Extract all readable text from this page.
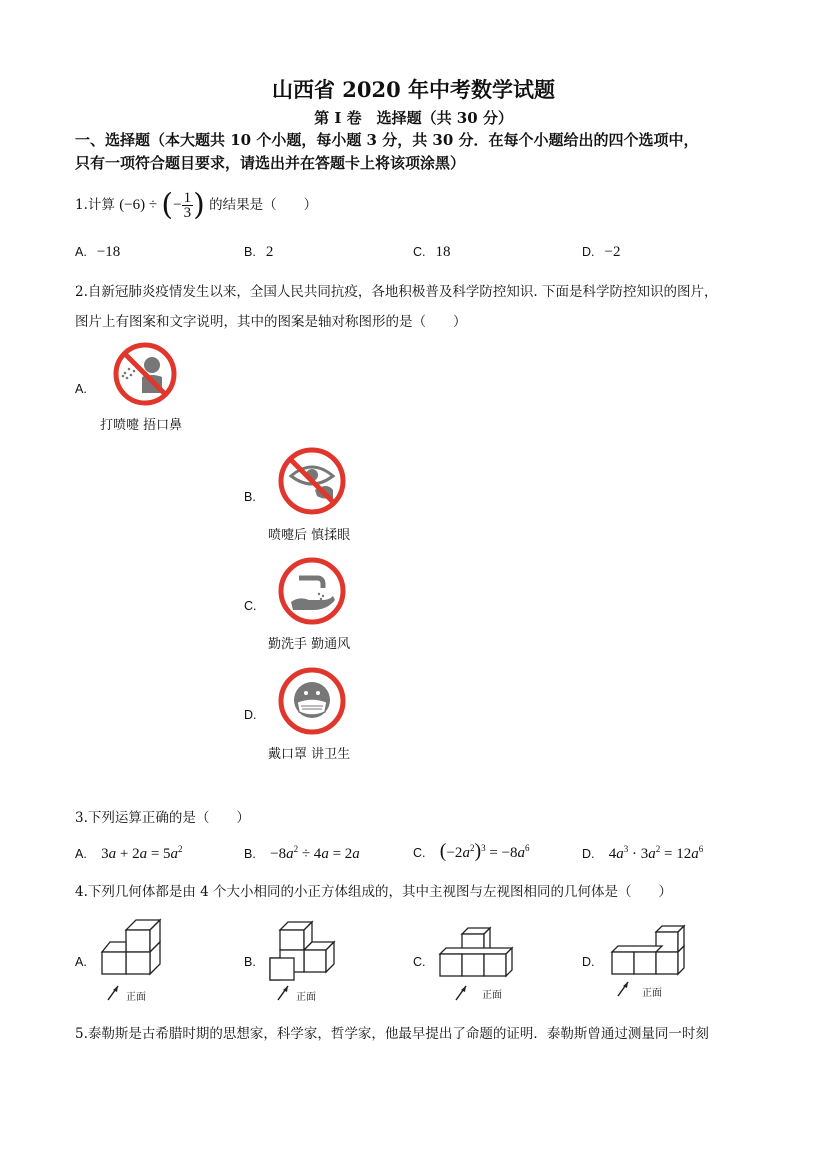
山西省 2020 年中考数学试题
第 I 卷　选择题（共 30 分）
一、选择题（本大题共 10 个小题，每小题 3 分，共 30 分．在每个小题给出的四个选项中，
只有一项符合题目要求，请选出并在答题卡上将该项涂黑）
1.计算 (−6) ÷ (− $\frac{1}{3}$ ) 的结果是（　　）
A. −18	B. 2	C. 18	D. −2
2.自新冠肺炎疫情发生以来，全国人民共同抗疫，各地积极普及科学防控知识. 下面是科学防控知识的图片，
图片上有图案和文字说明，其中的图案是轴对称图形的是（　　）
A.
打喷嚏 捂口鼻
B.
喷嚏后 慎揉眼
C.
勤洗手 勤通风
D.
戴口罩 讲卫生
3.下列运算正确的是（　　）
A. $3a + 2a = 5a^2$	B. $-8a^2 \div 4a = 2a$	C. $(-2a^2)^3 = -8a^6$	D. $4a^3 \cdot 3a^2 = 12a^6$
4.下列几何体都是由 4 个大小相同的小正方体组成的，其中主视图与左视图相同的几何体是（　　）
A.
正面
B.
正面
C.
正面
D.
正面
5.泰勒斯是古希腊时期的思想家，科学家，哲学家，他最早提出了命题的证明．泰勒斯曾通过测量同一时刻
